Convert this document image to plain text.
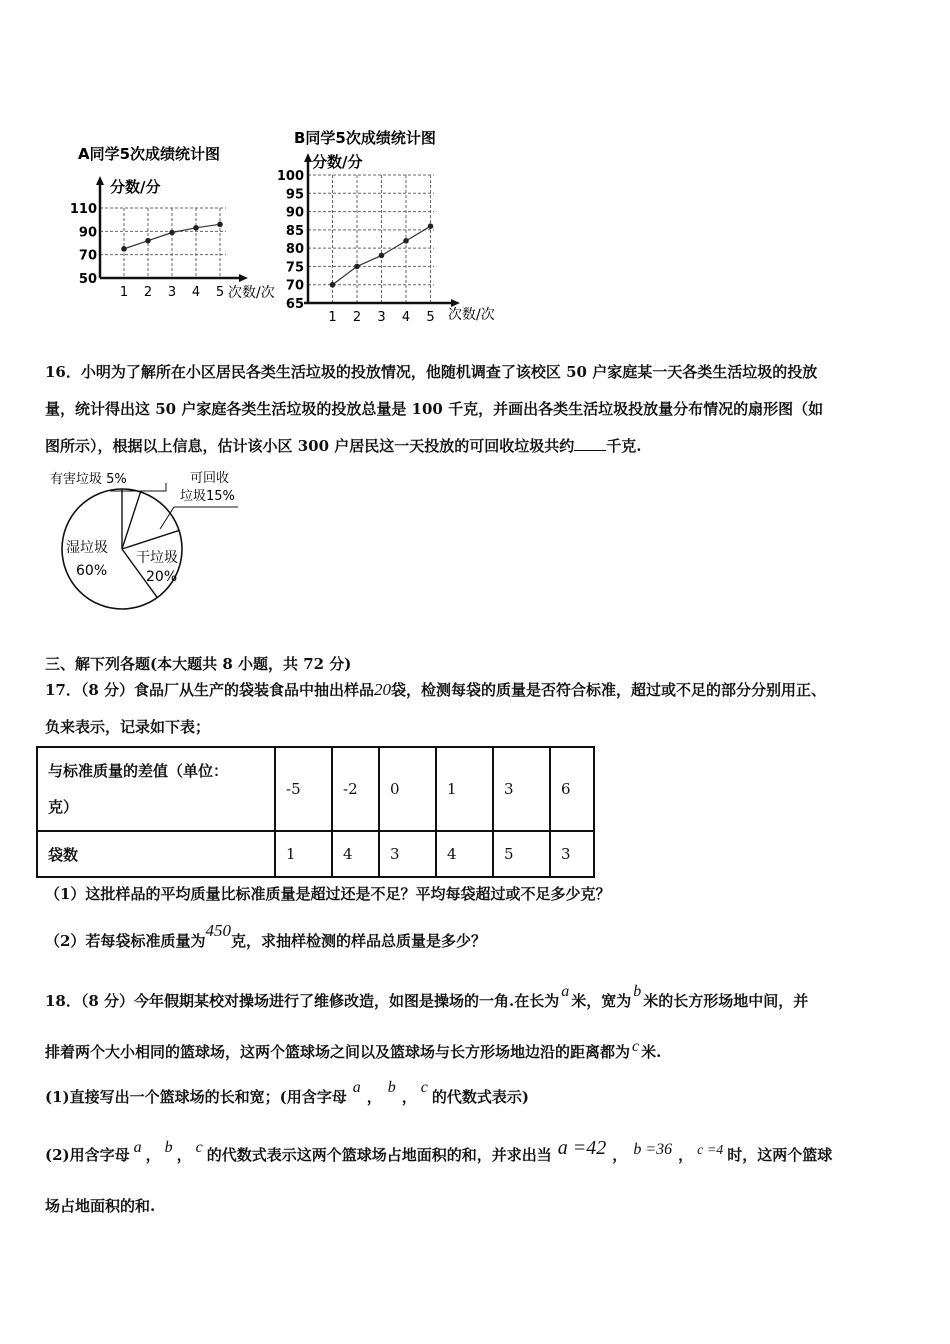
A同学5次成绩统计图
分数/分
50
70
90
110
1 2 3 4 5 次数/次
B同学5次成绩统计图
分数/分
65
70
75
80
85
90
95
100
1 2 3 4 5 次数/次
16．小明为了解所在小区居民各类生活垃圾的投放情况，他随机调查了该校区 50 户家庭某一天各类生活垃圾的投放
量，统计得出这 50 户家庭各类生活垃圾的投放总量是 100 千克，并画出各类生活垃圾投放量分布情况的扇形图（如
图所示），根据以上信息，估计该小区 300 户居民这一天投放的可回收垃圾共约 千克.
有害垃圾 5%	可回收
垃圾15%
湿垃圾
60%
干垃圾
20%
三、解下列各题(本大题共 8 小题，共 72 分)
17．（8 分）食品厂从生产的袋装食品中抽出样品20袋，检测每袋的质量是否符合标准，超过或不足的部分分别用正、
负来表示，记录如下表；
与标准质量的差值（单位：
克）	-5	-2	0	1	3	6
袋数	1	4	3	4	5	3
（1）这批样品的平均质量比标准质量是超过还是不足？平均每袋超过或不足多少克？
（2）若每袋标准质量为450克，求抽样检测的样品总质量是多少？
18．（8 分）今年假期某校对操场进行了维修改造，如图是操场的一角.在长为a米，宽为b米的长方形场地中间，并
排着两个大小相同的篮球场，这两个篮球场之间以及篮球场与长方形场地边沿的距离都为 c 米.
(1)直接写出一个篮球场的长和宽；(用含字母a，b，c的代数式表示)
(2)用含字母 a ， b ， c 的代数式表示这两个篮球场占地面积的和，并求出当 a =42 ， b =36 ， c =4 时，这两个篮球
场占地面积的和.
